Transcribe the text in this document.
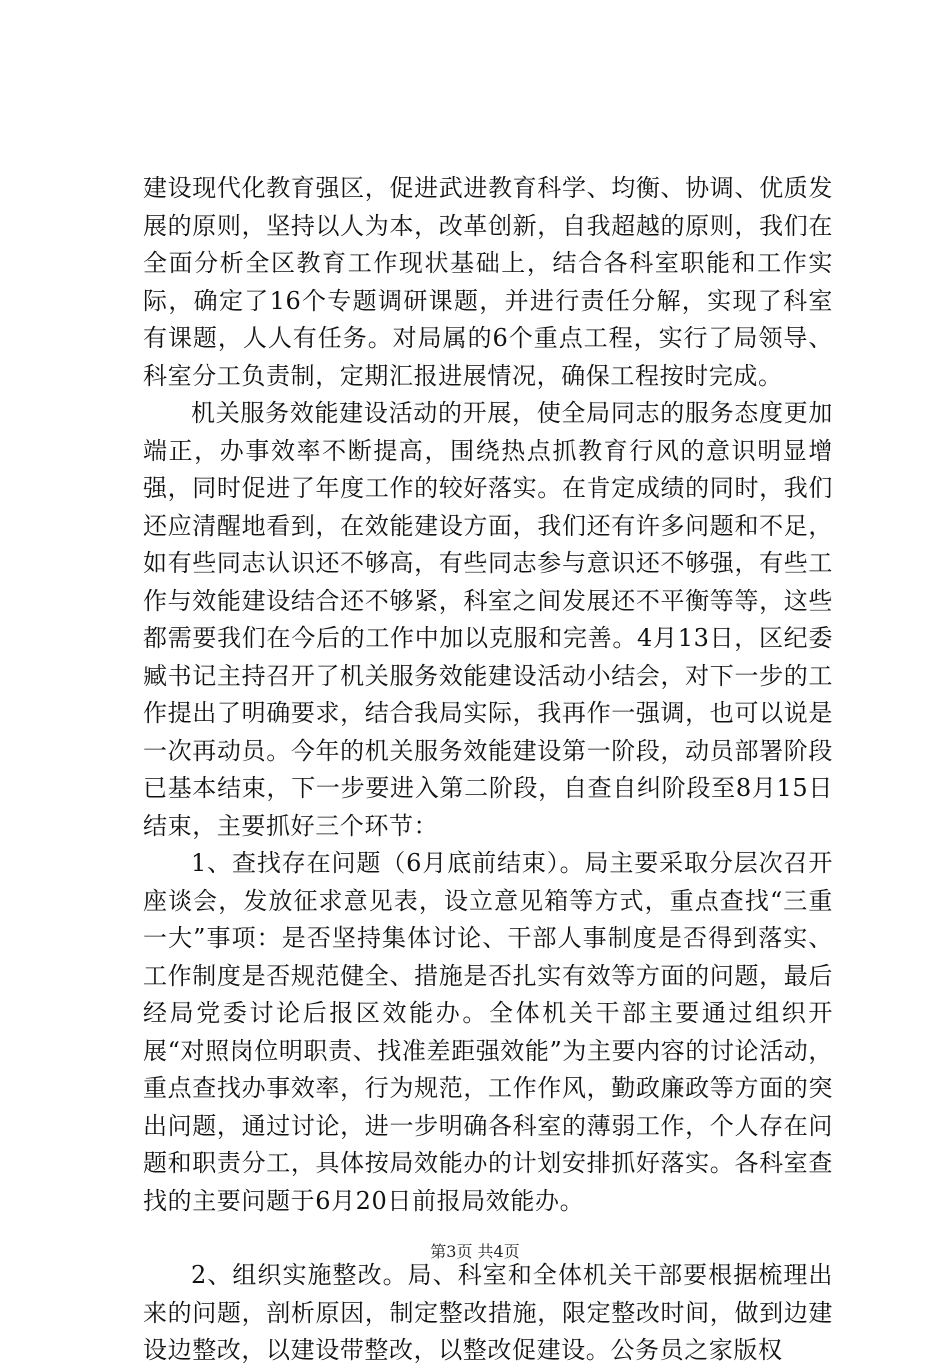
建设现代化教育强区，促进武进教育科学、均衡、协调、优质发展的原则，坚持以人为本，改革创新，自我超越的原则，我们在全面分析全区教育工作现状基础上，结合各科室职能和工作实际，确定了16个专题调研课题，并进行责任分解，实现了科室有课题，人人有任务。对局属的6个重点工程，实行了局领导、科室分工负责制，定期汇报进展情况，确保工程按时完成。

机关服务效能建设活动的开展，使全局同志的服务态度更加端正，办事效率不断提高，围绕热点抓教育行风的意识明显增强，同时促进了年度工作的较好落实。在肯定成绩的同时，我们还应清醒地看到，在效能建设方面，我们还有许多问题和不足，如有些同志认识还不够高，有些同志参与意识还不够强，有些工作与效能建设结合还不够紧，科室之间发展还不平衡等等，这些都需要我们在今后的工作中加以克服和完善。4月13日，区纪委臧书记主持召开了机关服务效能建设活动小结会，对下一步的工作提出了明确要求，结合我局实际，我再作一强调，也可以说是一次再动员。今年的机关服务效能建设第一阶段，动员部署阶段已基本结束，下一步要进入第二阶段，自查自纠阶段至8月15日结束，主要抓好三个环节：

1、查找存在问题（6月底前结束）。局主要采取分层次召开座谈会，发放征求意见表，设立意见箱等方式，重点查找“三重一大”事项：是否坚持集体讨论、干部人事制度是否得到落实、工作制度是否规范健全、措施是否扎实有效等方面的问题，最后经局党委讨论后报区效能办。全体机关干部主要通过组织开展“对照岗位明职责、找准差距强效能”为主要内容的讨论活动，重点查找办事效率，行为规范，工作作风，勤政廉政等方面的突出问题，通过讨论，进一步明确各科室的薄弱工作，个人存在问题和职责分工，具体按局效能办的计划安排抓好落实。各科室查找的主要问题于6月20日前报局效能办。

2、组织实施整改。局、科室和全体机关干部要根据梳理出来的问题，剖析原因，制定整改措施，限定整改时间，做到边建设边整改，以建设带整改，以整改促建设。公务员之家版权

第3页 共4页
